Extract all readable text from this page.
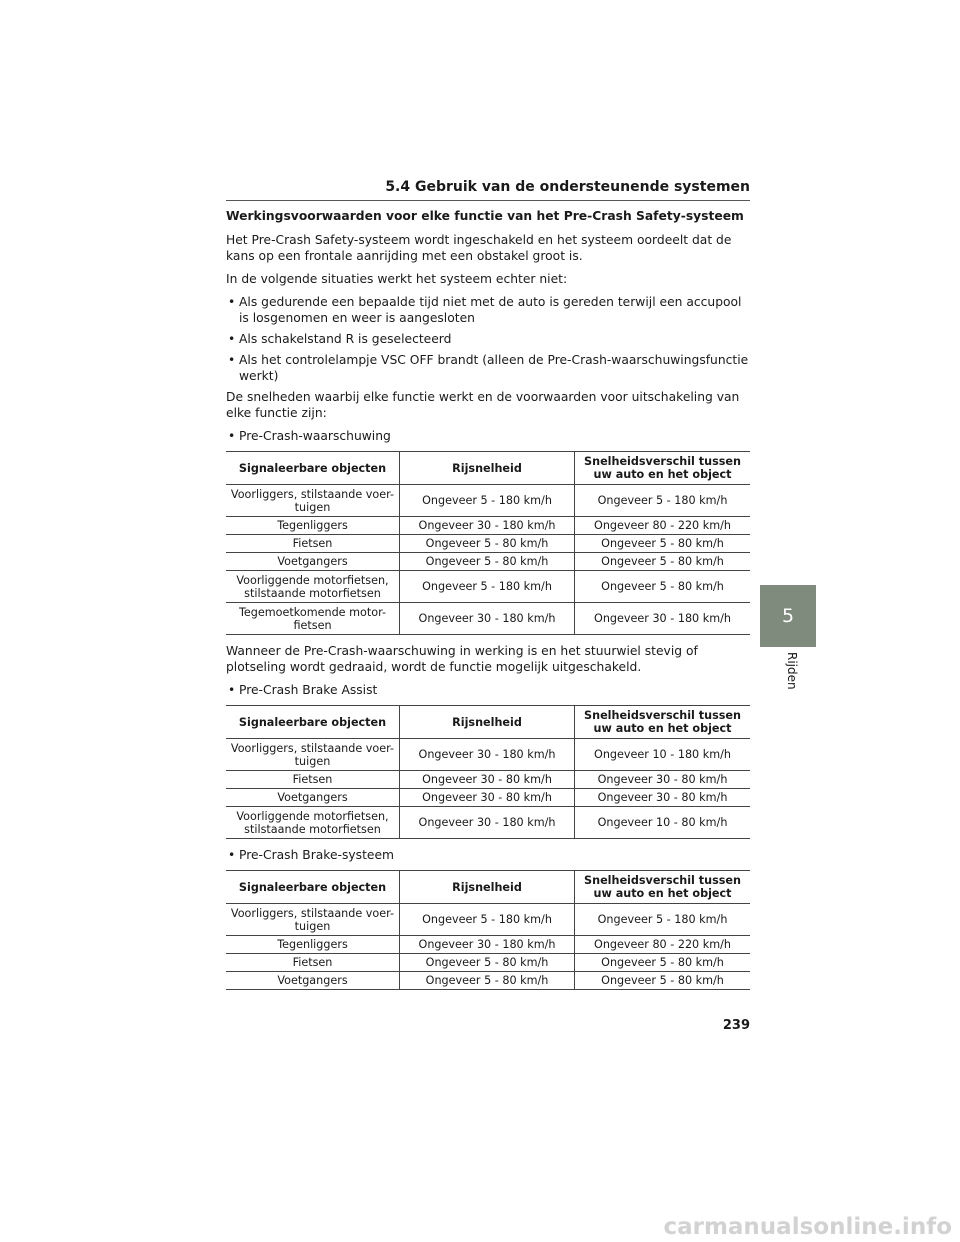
5.4 Gebruik van de ondersteunende systemen

Werkingsvoorwaarden voor elke functie van het Pre-Crash Safety-systeem

Het Pre-Crash Safety-systeem wordt ingeschakeld en het systeem oordeelt dat de kans op een frontale aanrijding met een obstakel groot is.

In de volgende situaties werkt het systeem echter niet:

• Als gedurende een bepaalde tijd niet met de auto is gereden terwijl een accupool is losgenomen en weer is aangesloten
• Als schakelstand R is geselecteerd
• Als het controlelampje VSC OFF brandt (alleen de Pre-Crash-waarschuwingsfunctie werkt)

De snelheden waarbij elke functie werkt en de voorwaarden voor uitschakeling van elke functie zijn:

• Pre-Crash-waarschuwing
Signaleerbare objecten	Rijsnelheid	Snelheidsverschil tussen uw auto en het object
Voorliggers, stilstaande voer-tuigen	Ongeveer 5 - 180 km/h	Ongeveer 5 - 180 km/h
Tegenliggers	Ongeveer 30 - 180 km/h	Ongeveer 80 - 220 km/h
Fietsen	Ongeveer 5 - 80 km/h	Ongeveer 5 - 80 km/h
Voetgangers	Ongeveer 5 - 80 km/h	Ongeveer 5 - 80 km/h
Voorliggende motorfietsen, stilstaande motorfietsen	Ongeveer 5 - 180 km/h	Ongeveer 5 - 80 km/h
Tegemoetkomende motor-fietsen	Ongeveer 30 - 180 km/h	Ongeveer 30 - 180 km/h

Wanneer de Pre-Crash-waarschuwing in werking is en het stuurwiel stevig of plotseling wordt gedraaid, wordt de functie mogelijk uitgeschakeld.

• Pre-Crash Brake Assist
Signaleerbare objecten	Rijsnelheid	Snelheidsverschil tussen uw auto en het object
Voorliggers, stilstaande voer-tuigen	Ongeveer 30 - 180 km/h	Ongeveer 10 - 180 km/h
Fietsen	Ongeveer 30 - 80 km/h	Ongeveer 30 - 80 km/h
Voetgangers	Ongeveer 30 - 80 km/h	Ongeveer 30 - 80 km/h
Voorliggende motorfietsen, stilstaande motorfietsen	Ongeveer 30 - 180 km/h	Ongeveer 10 - 80 km/h
• Pre-Crash Brake-systeem
Signaleerbare objecten	Rijsnelheid	Snelheidsverschil tussen uw auto en het object
Voorliggers, stilstaande voer-tuigen	Ongeveer 5 - 180 km/h	Ongeveer 5 - 180 km/h
Tegenliggers	Ongeveer 30 - 180 km/h	Ongeveer 80 - 220 km/h
Fietsen	Ongeveer 5 - 80 km/h	Ongeveer 5 - 80 km/h
Voetgangers	Ongeveer 5 - 80 km/h	Ongeveer 5 - 80 km/h
5
Rijden
239
carmanualsonline.info
